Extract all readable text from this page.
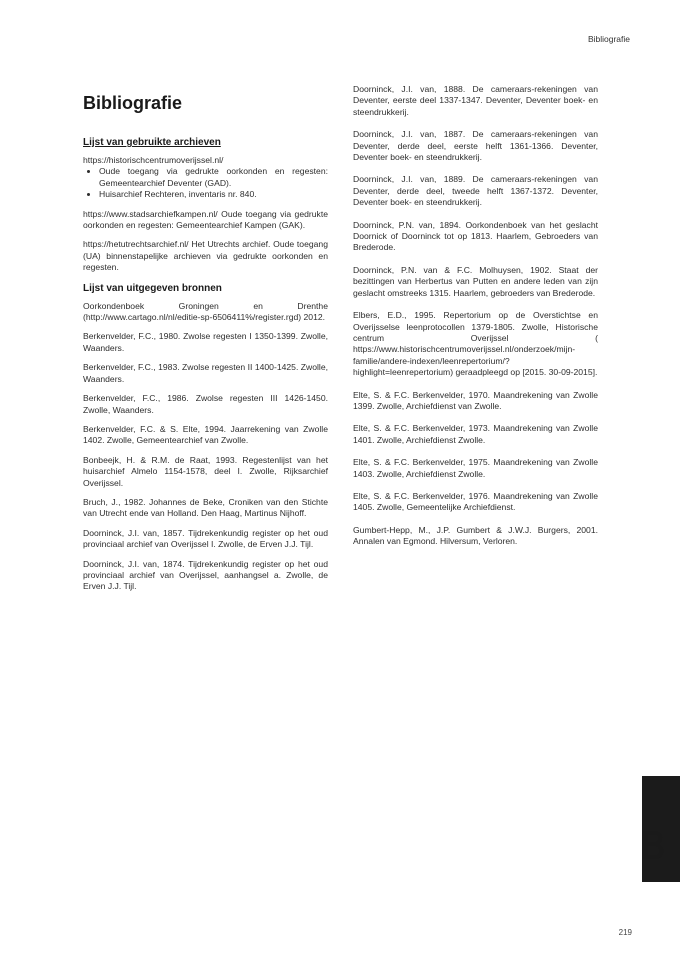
Bibliografie
Bibliografie
Lijst van gebruikte archieven
https://historischcentrumoverijssel.nl/
• Oude toegang via gedrukte oorkonden en regesten: Gemeentearchief Deventer (GAD).
• Huisarchief Rechteren, inventaris nr. 840.

https://www.stadsarchiefkampen.nl/ Oude toegang via gedrukte oorkonden en regesten: Gemeentearchief Kampen (GAK).

https://hetutrechtsarchief.nl/ Het Utrechts archief. Oude toegang (UA) binnenstapelijke archieven via gedrukte oorkonden en regesten.

Lijst van uitgegeven bronnen

Oorkondenboek Groningen en Drenthe (http://www.cartago.nl/nl/editie-sp-6506411%/register.rgd) 2012.

Berkenvelder, F.C., 1980. Zwolse regesten I 1350-1399. Zwolle, Waanders.

Berkenvelder, F.C., 1983. Zwolse regesten II 1400-1425. Zwolle, Waanders.

Berkenvelder, F.C., 1986. Zwolse regesten III 1426-1450. Zwolle, Waanders.

Berkenvelder, F.C. & S. Elte, 1994. Jaarrekening van Zwolle 1402. Zwolle, Gemeentearchief van Zwolle.

Bonbeejk, H. & R.M. de Raat, 1993. Regestenlijst van het huisarchief Almelo 1154-1578, deel I. Zwolle, Rijksarchief Overijssel.

Bruch, J., 1982. Johannes de Beke, Croniken van den Stichte van Utrecht ende van Holland. Den Haag, Martinus Nijhoff.

Doorninck, J.I. van, 1857. Tijdrekenkundig register op het oud provinciaal archief van Overijssel I. Zwolle, de Erven J.J. Tijl.

Doorninck, J.I. van, 1874. Tijdrekenkundig register op het oud provinciaal archief van Overijssel, aanhangsel a. Zwolle, de Erven J.J. Tijl.

Doorninck, J.I. van, 1888. De cameraars-rekeningen van Deventer, eerste deel 1337-1347. Deventer, Deventer boek- en steendrukkerij.

Doorninck, J.I. van, 1887. De cameraars-rekeningen van Deventer, derde deel, eerste helft 1361-1366. Deventer, Deventer boek- en steendrukkerij.

Doorninck, J.I. van, 1889. De cameraars-rekeningen van Deventer, derde deel, tweede helft 1367-1372. Deventer, Deventer boek- en steendrukkerij.

Doorninck, P.N. van, 1894. Oorkondenboek van het geslacht Doornick of Doorninck tot op 1813. Haarlem, Gebroeders van Brederode.

Doorninck, P.N. van & F.C. Molhuysen, 1902. Staat der bezittingen van Herbertus van Putten en andere leden van zijn geslacht omstreeks 1315. Haarlem, gebroeders van Brederode.

Elbers, E.D., 1995. Repertorium op de Overstichtse en Overijsselse leenprotocollen 1379-1805. Zwolle, Historische centrum Overijssel ( https://www.historischcentrumoverijssel.nl/onderzoek/mijn-familie/andere-indexen/leenrepertorium/?highlight=leenrepertorium) geraadpleegd op [2015. 30-09-2015].

Elte, S. & F.C. Berkenvelder, 1970. Maandrekening van Zwolle 1399. Zwolle, Archiefdienst van Zwolle.

Elte, S. & F.C. Berkenvelder, 1973. Maandrekening van Zwolle 1401. Zwolle, Archiefdienst Zwolle.

Elte, S. & F.C. Berkenvelder, 1975. Maandrekening van Zwolle 1403. Zwolle, Archiefdienst Zwolle.

Elte, S. & F.C. Berkenvelder, 1976. Maandrekening van Zwolle 1405. Zwolle, Gemeentelijke Archiefdienst.

Gumbert-Hepp, M., J.P. Gumbert & J.W.J. Burgers, 2001. Annalen van Egmond. Hilversum, Verloren.

B
219
